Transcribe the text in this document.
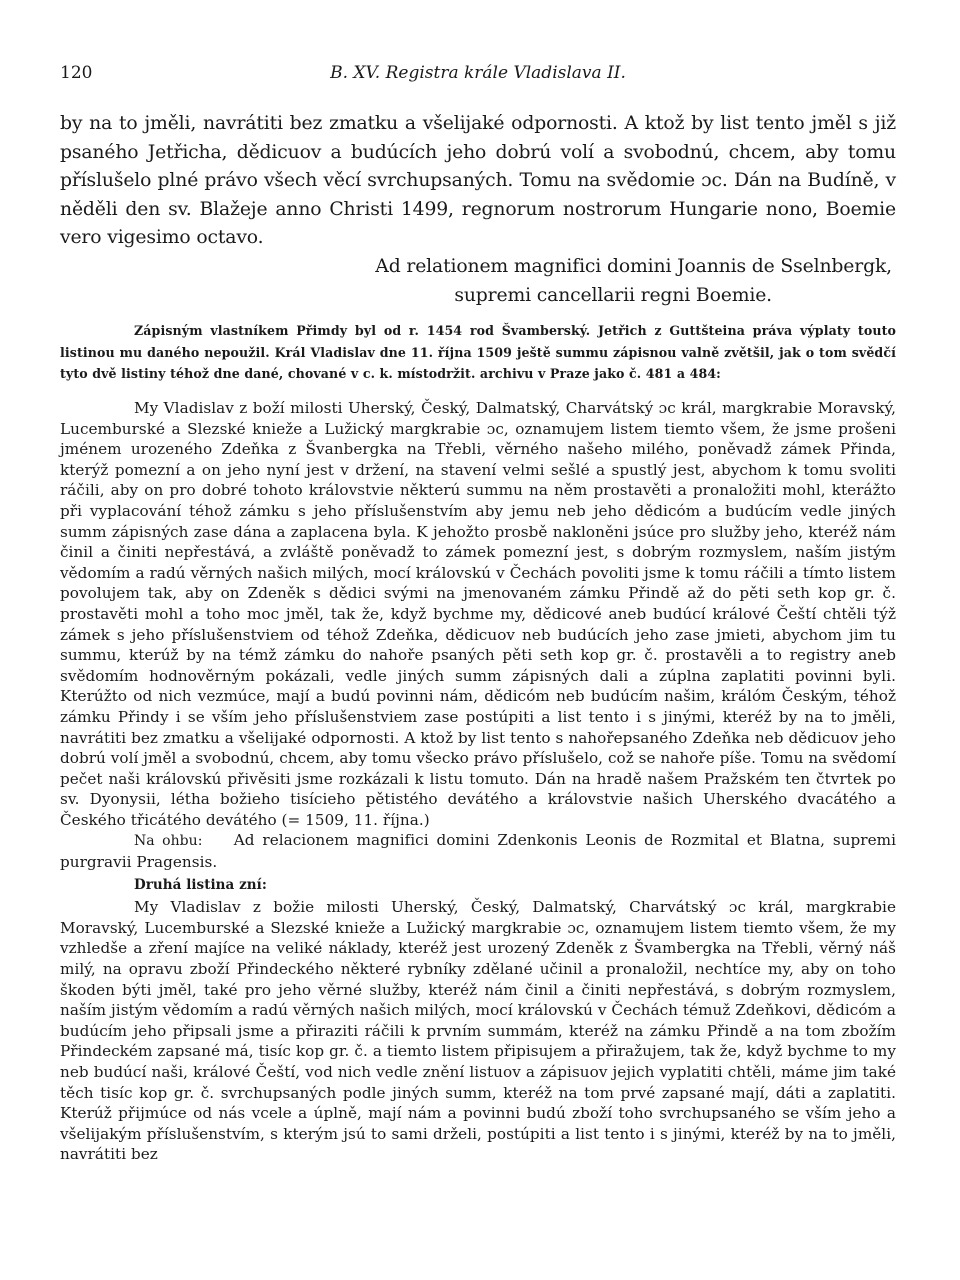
120	B. XV. Registra krále Vladislava II.

by na to jměli, navrátiti bez zmatku a všelijaké odpornosti. A ktož by list tento jměl s již psaného Jetřicha, dědicuov a budúcích jeho dobrú volí a svobodnú, chcem, aby tomu příslušelo plné právo všech věcí svrchupsaných. Tomu na svědomie ɔc. Dán na Budíně, v něděli den sv. Blažeje anno Christi 1499, regnorum nostrorum Hungarie nono, Boemie vero vigesimo octavo.

Ad relationem magnifici domini Joannis de Sselnbergk,
supremi cancellarii regni Boemie.

Zápisným vlastníkem Přimdy byl od r. 1454 rod Švamberský. Jetřich z Guttšteina práva výplaty touto listinou mu daného nepoužil. Král Vladislav dne 11. října 1509 ještě summu zápisnou valně zvětšil, jak o tom svědčí tyto dvě listiny téhož dne dané, chované v c. k. místodržit. archivu v Praze jako č. 481 a 484:

My Vladislav z boží milosti Uherský, Český, Dalmatský, Charvátský ɔc král, margkrabie Moravský, Lucemburské a Slezské knieže a Lužický margkrabie ɔc, oznamujem listem tiemto všem, že jsme prošeni jménem urozeného Zdeňka z Švanbergka na Třebli, věrného našeho milého, poněvadž zámek Přinda, kterýž pomezní a on jeho nyní jest v držení, na stavení velmi sešlé a spustlý jest, abychom k tomu svoliti ráčili, aby on pro dobré tohoto královstvie některú summu na něm prostavěti a pronaložiti mohl, kterážto při vyplacování téhož zámku s jeho příslušenstvím aby jemu neb jeho dědicóm a budúcím vedle jiných summ zápisných zase dána a zaplacena byla. K jehožto prosbě nakloněni jsúce pro služby jeho, kteréž nám činil a činiti nepřestává, a zvláště poněvadž to zámek pomezní jest, s dobrým rozmyslem, naším jistým vědomím a radú věrných našich milých, mocí královskú v Čechách povoliti jsme k tomu ráčili a tímto listem povolujem tak, aby on Zdeněk s dědici svými na jmenovaném zámku Přindě až do pěti seth kop gr. č. prostavěti mohl a toho moc jměl, tak že, když bychme my, dědicové aneb budúcí králové Čeští chtěli týž zámek s jeho příslušenstviem od téhož Zdeňka, dědicuov neb budúcích jeho zase jmieti, abychom jim tu summu, kterúž by na témž zámku do nahoře psaných pěti seth kop gr. č. prostavěli a to registry aneb svědomím hodnověrným pokázali, vedle jiných summ zápisných dali a zúplna zaplatiti povinni byli. Kterúžto od nich vezmúce, mají a budú povinni nám, dědicóm neb budúcím našim, králóm Českým, téhož zámku Přindy i se vším jeho příslušenstviem zase postúpiti a list tento i s jinými, kteréž by na to jměli, navrátiti bez zmatku a všelijaké odpornosti. A ktož by list tento s nahořepsaného Zdeňka neb dědicuov jeho dobrú volí jměl a svobodnú, chcem, aby tomu všecko právo příslušelo, což se nahoře píše. Tomu na svědomí pečet naši královskú přivěsiti jsme rozkázali k listu tomuto. Dán na hradě našem Pražském ten čtvrtek po sv. Dyonysii, létha božieho tisícieho pětistého devátého a královstvie našich Uherského dvacátého a Českého třicátého devátého (= 1509, 11. října.)

Na ohbu: Ad relacionem magnifici domini Zdenkonis Leonis de Rozmital et Blatna, supremi purgravii Pragensis.

Druhá listina zní:

My Vladislav z božie milosti Uherský, Český, Dalmatský, Charvátský ɔc král, margkrabie Moravský, Lucemburské a Slezské knieže a Lužický margkrabie ɔc, oznamujem listem tiemto všem, že my vzhledše a zření majíce na veliké náklady, kteréž jest urozený Zdeněk z Švambergka na Třebli, věrný náš milý, na opravu zboží Přindeckého některé rybníky zdělané učinil a pronaložil, nechtíce my, aby on toho škoden býti jměl, také pro jeho věrné služby, kteréž nám činil a činiti nepřestává, s dobrým rozmyslem, naším jistým vědomím a radú věrných našich milých, mocí královskú v Čechách témuž Zdeňkovi, dědicóm a budúcím jeho připsali jsme a přiraziti ráčili k prvním summám, kteréž na zámku Přindě a na tom zbožím Přindeckém zapsané má, tisíc kop gr. č. a tiemto listem připisujem a přiražujem, tak že, když bychme to my neb budúcí naši, králové Čeští, vod nich vedle znění listuov a zápisuov jejich vyplatiti chtěli, máme jim také těch tisíc kop gr. č. svrchupsaných podle jiných summ, kteréž na tom prvé zapsané mají, dáti a zaplatiti. Kterúž přijmúce od nás vcele a úplně, mají nám a povinni budú zboží toho svrchupsaného se vším jeho a všelijakým příslušenstvím, s kterým jsú to sami drželi, postúpiti a list tento i s jinými, kteréž by na to jměli, navrátiti bez
